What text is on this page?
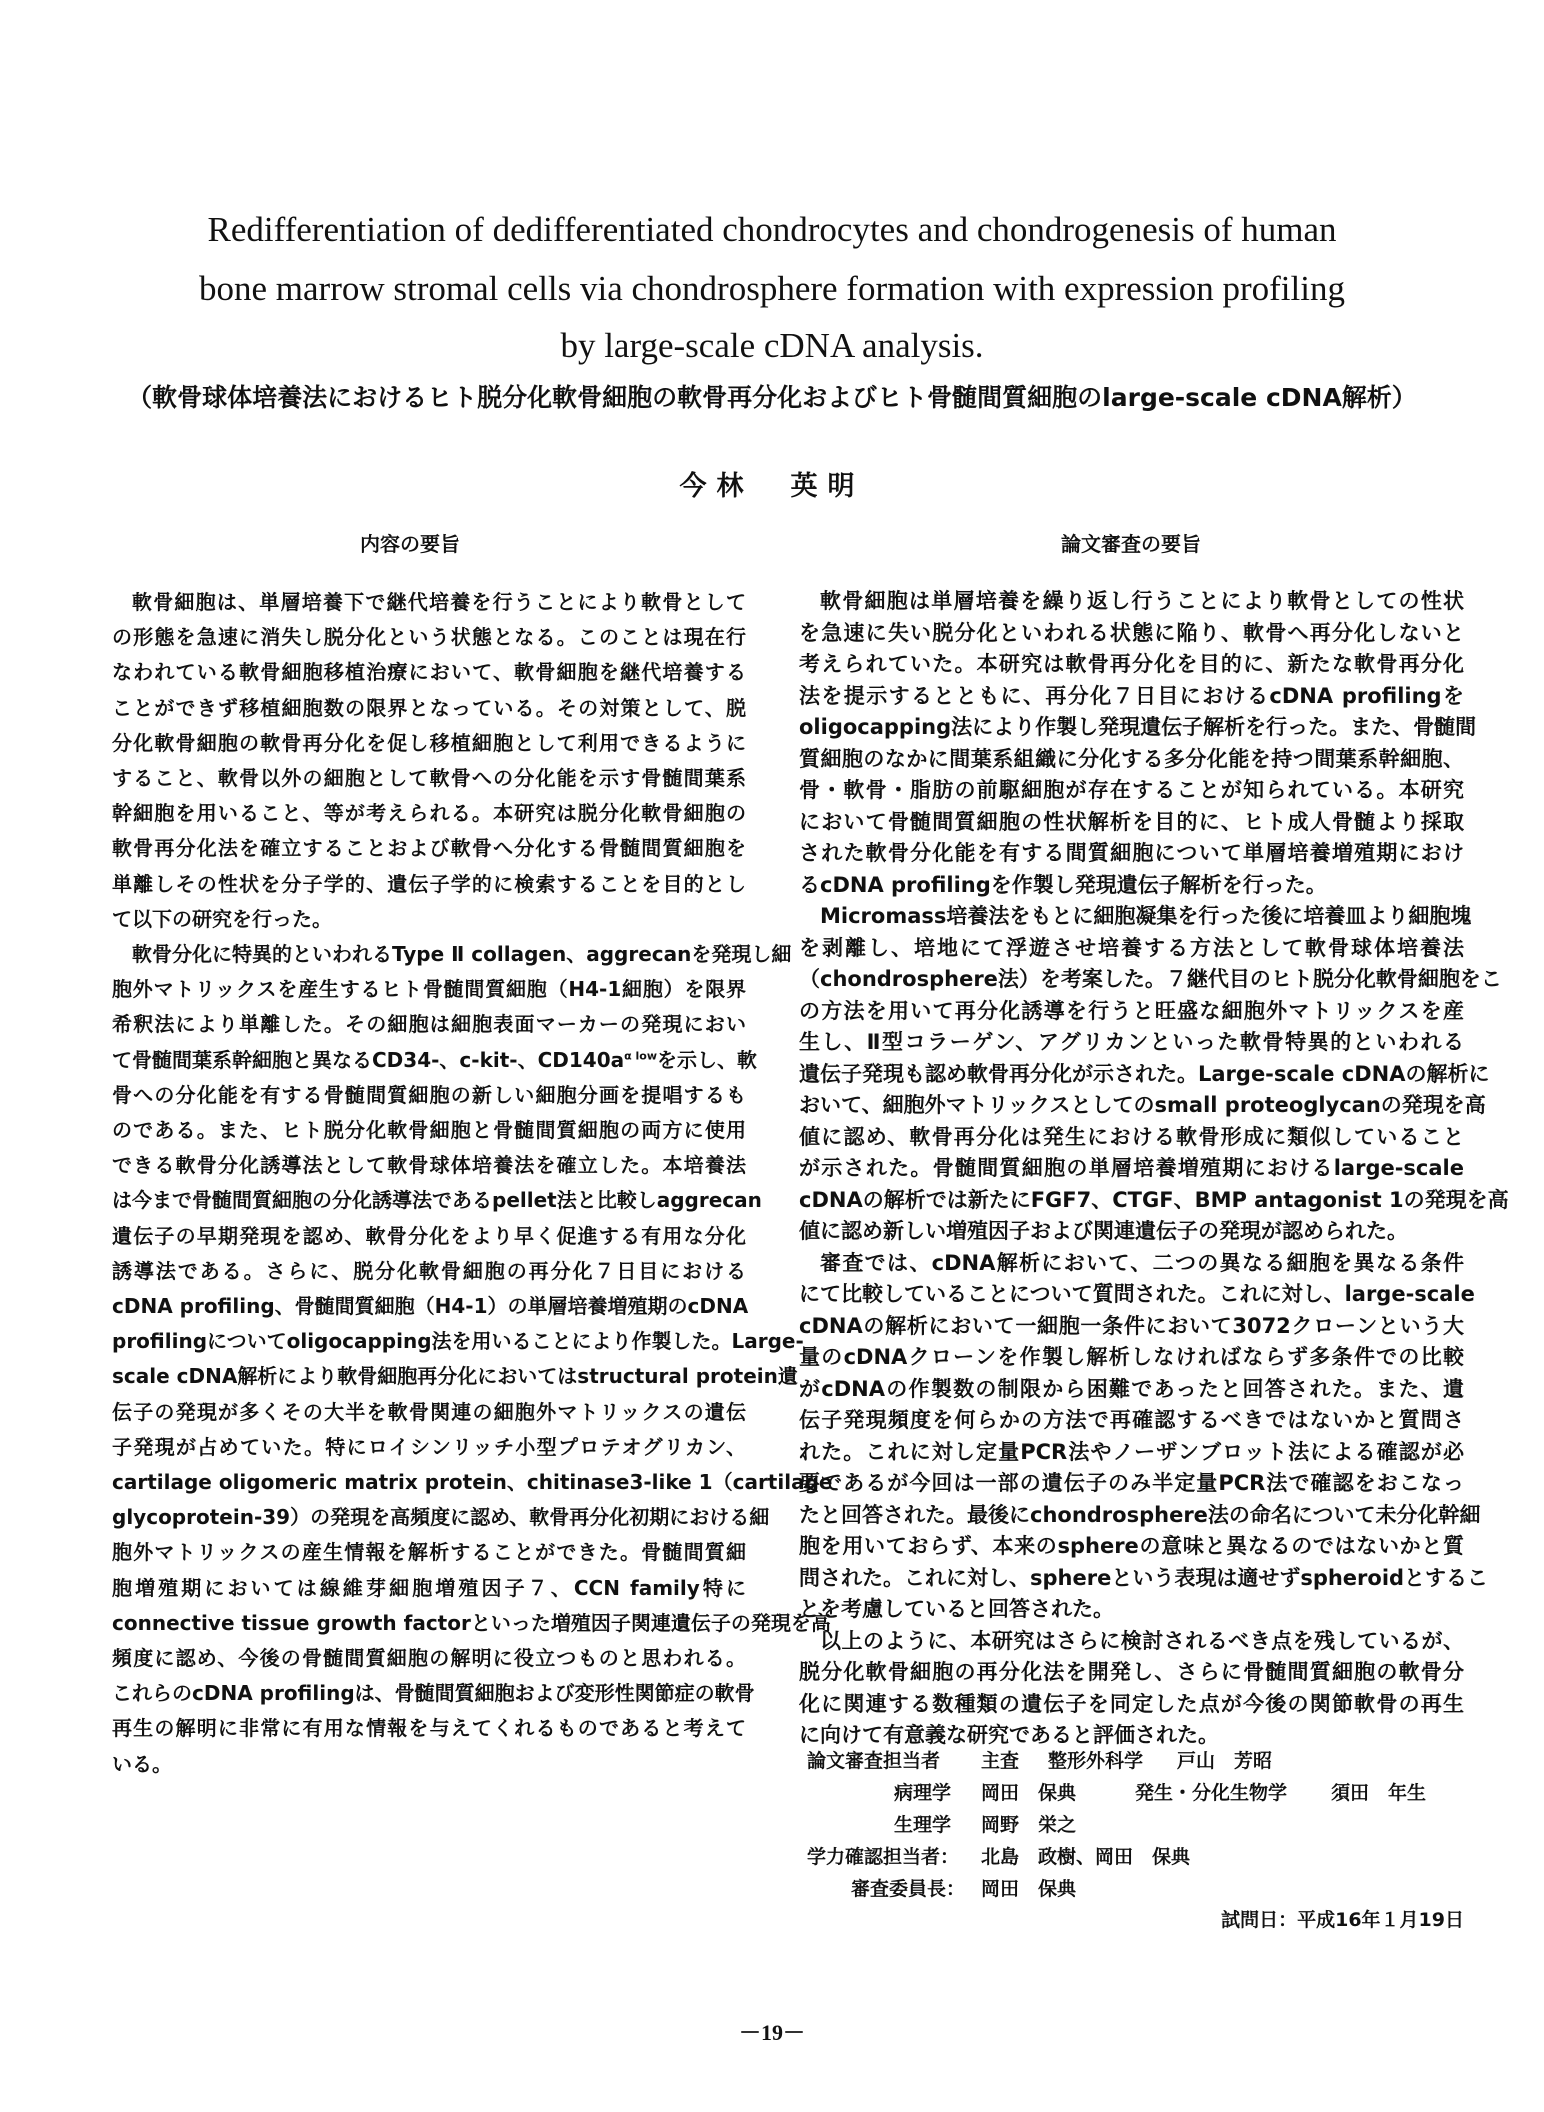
Redifferentiation of dedifferentiated chondrocytes and chondrogenesis of human
bone marrow stromal cells via chondrosphere formation with expression profiling
by large-scale cDNA analysis.
（軟骨球体培養法におけるヒト脱分化軟骨細胞の軟骨再分化およびヒト骨髄間質細胞のlarge-scale cDNA解析）
今林　英明
内容の要旨	論文審査の要旨
軟骨細胞は、単層培養下で継代培養を行うことにより軟骨として
の形態を急速に消失し脱分化という状態となる。このことは現在行
なわれている軟骨細胞移植治療において、軟骨細胞を継代培養する
ことができず移植細胞数の限界となっている。その対策として、脱
分化軟骨細胞の軟骨再分化を促し移植細胞として利用できるように
すること、軟骨以外の細胞として軟骨への分化能を示す骨髄間葉系
幹細胞を用いること、等が考えられる。本研究は脱分化軟骨細胞の
軟骨再分化法を確立することおよび軟骨へ分化する骨髄間質細胞を
単離しその性状を分子学的、遺伝子学的に検索することを目的とし
て以下の研究を行った。
軟骨分化に特異的といわれるType Ⅱ collagen、aggrecanを発現し細
胞外マトリックスを産生するヒト骨髄間質細胞（H4-1細胞）を限界
希釈法により単離した。その細胞は細胞表面マーカーの発現におい
て骨髄間葉系幹細胞と異なるCD34-、c-kit-、$CD140a^{\alpha low}$を示し、軟
骨への分化能を有する骨髄間質細胞の新しい細胞分画を提唱するも
のである。また、ヒト脱分化軟骨細胞と骨髄間質細胞の両方に使用
できる軟骨分化誘導法として軟骨球体培養法を確立した。本培養法
は今まで骨髄間質細胞の分化誘導法であるpellet法と比較しaggrecan
遺伝子の早期発現を認め、軟骨分化をより早く促進する有用な分化
誘導法である。さらに、脱分化軟骨細胞の再分化７日目における
cDNA profiling、骨髄間質細胞（H4-1）の単層培養増殖期のcDNA
profilingについてoligocapping法を用いることにより作製した。Large-
scale cDNA解析により軟骨細胞再分化においてはstructural protein遺
伝子の発現が多くその大半を軟骨関連の細胞外マトリックスの遺伝
子発現が占めていた。特にロイシンリッチ小型プロテオグリカン、
cartilage oligomeric matrix protein、chitinase3-like 1（cartilage
glycoprotein-39）の発現を高頻度に認め、軟骨再分化初期における細
胞外マトリックスの産生情報を解析することができた。骨髄間質細
胞増殖期においては線維芽細胞増殖因子７、CCN family特に
connective tissue growth factorといった増殖因子関連遺伝子の発現を高
頻度に認め、今後の骨髄間質細胞の解明に役立つものと思われる。
これらのcDNA profilingは、骨髄間質細胞および変形性関節症の軟骨
再生の解明に非常に有用な情報を与えてくれるものであると考えて
いる。
軟骨細胞は単層培養を繰り返し行うことにより軟骨としての性状
を急速に失い脱分化といわれる状態に陥り、軟骨へ再分化しないと
考えられていた。本研究は軟骨再分化を目的に、新たな軟骨再分化
法を提示するとともに、再分化７日目におけるcDNA profilingを
oligocapping法により作製し発現遺伝子解析を行った。また、骨髄間
質細胞のなかに間葉系組織に分化する多分化能を持つ間葉系幹細胞、
骨・軟骨・脂肪の前駆細胞が存在することが知られている。本研究
において骨髄間質細胞の性状解析を目的に、ヒト成人骨髄より採取
された軟骨分化能を有する間質細胞について単層培養増殖期におけ
るcDNA profilingを作製し発現遺伝子解析を行った。
Micromass培養法をもとに細胞凝集を行った後に培養皿より細胞塊
を剥離し、培地にて浮遊させ培養する方法として軟骨球体培養法
（chondrosphere法）を考案した。７継代目のヒト脱分化軟骨細胞をこ
の方法を用いて再分化誘導を行うと旺盛な細胞外マトリックスを産
生し、Ⅱ型コラーゲン、アグリカンといった軟骨特異的といわれる
遺伝子発現も認め軟骨再分化が示された。Large-scale cDNAの解析に
おいて、細胞外マトリックスとしてのsmall proteoglycanの発現を高
値に認め、軟骨再分化は発生における軟骨形成に類似していること
が示された。骨髄間質細胞の単層培養増殖期におけるlarge-scale
cDNAの解析では新たにFGF7、CTGF、BMP antagonist 1の発現を高
値に認め新しい増殖因子および関連遺伝子の発現が認められた。
審査では、cDNA解析において、二つの異なる細胞を異なる条件
にて比較していることについて質問された。これに対し、large-scale
cDNAの解析において一細胞一条件において3072クローンという大
量のcDNAクローンを作製し解析しなければならず多条件での比較
がcDNAの作製数の制限から困難であったと回答された。また、遺
伝子発現頻度を何らかの方法で再確認するべきではないかと質問さ
れた。これに対し定量PCR法やノーザンブロット法による確認が必
要であるが今回は一部の遺伝子のみ半定量PCR法で確認をおこなっ
たと回答された。最後にchondrosphere法の命名について未分化幹細
胞を用いておらず、本来のsphereの意味と異なるのではないかと質
問された。これに対し、sphereという表現は適せずspheroidとするこ
とを考慮していると回答された。
以上のように、本研究はさらに検討されるべき点を残しているが、
脱分化軟骨細胞の再分化法を開発し、さらに骨髄間質細胞の軟骨分
化に関連する数種類の遺伝子を同定した点が今後の関節軟骨の再生
に向けて有意義な研究であると評価された。
論文審査担当者 主査 整形外科学 戸山　芳昭
病理学 岡田　保典	発生・分化生物学 須田　年生
生理学 岡野　栄之
学力確認担当者： 北島　政樹、岡田　保典
審査委員長： 岡田　保典
試問日：平成16年１月19日
－19－
